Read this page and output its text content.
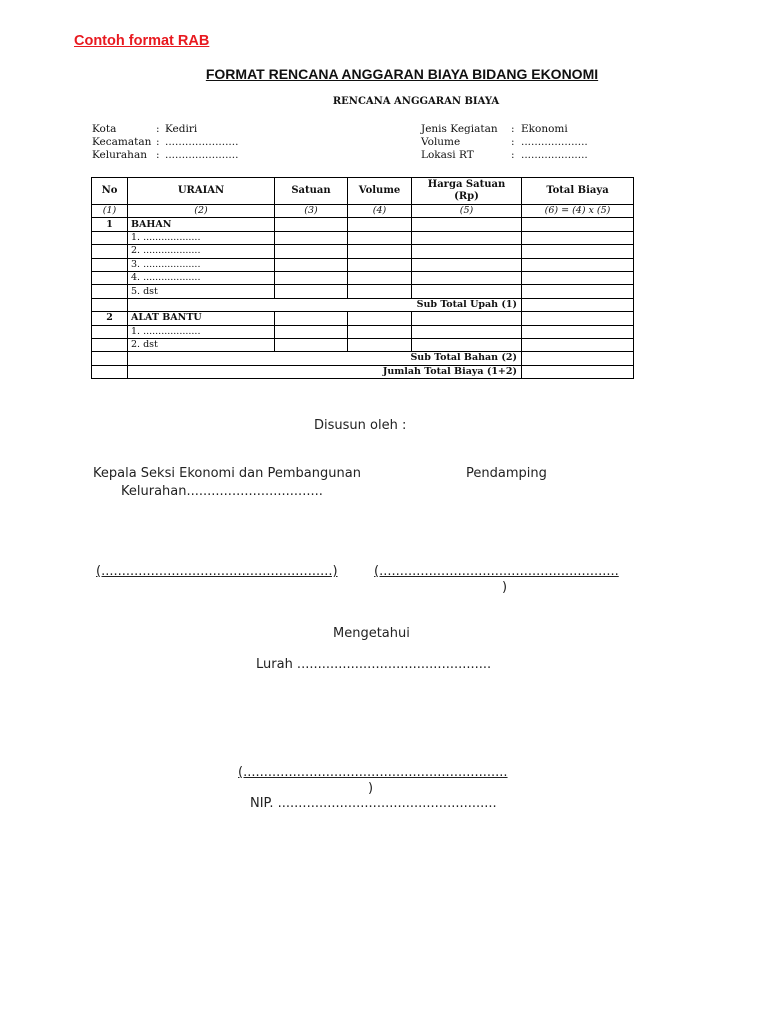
Contoh format RAB
FORMAT RENCANA ANGGARAN BIAYA BIDANG EKONOMI
RENCANA ANGGARAN BIAYA
Kota	: Kediri
Kecamatan : ......................
Kelurahan : ......................
Jenis Kegiatan	: Ekonomi
Volume	: ....................
Lokasi RT	: ....................
No	URAIAN	Satuan	Volume	Harga Satuan (Rp)	Total Biaya
(1)	(2)	(3)	(4)	(5)	(6) = (4) x (5)
1	BAHAN				
	1. ...................				
	2. ...................				
	3. ...................				
	4. ...................				
	5. dst				
	Sub Total Upah (1)				
2	ALAT BANTU				
	1. ...................				
	2. dst				
	Sub Total Bahan (2)				
	Jumlah Total Biaya (1+2)				
Disusun oleh :
Kepala Seksi Ekonomi dan Pembangunan
Kelurahan.................................
Pendamping
(........................................................)	(..........................................................
)
Mengetahui
Lurah ...............................................
(................................................................
)
NIP. .....................................................
